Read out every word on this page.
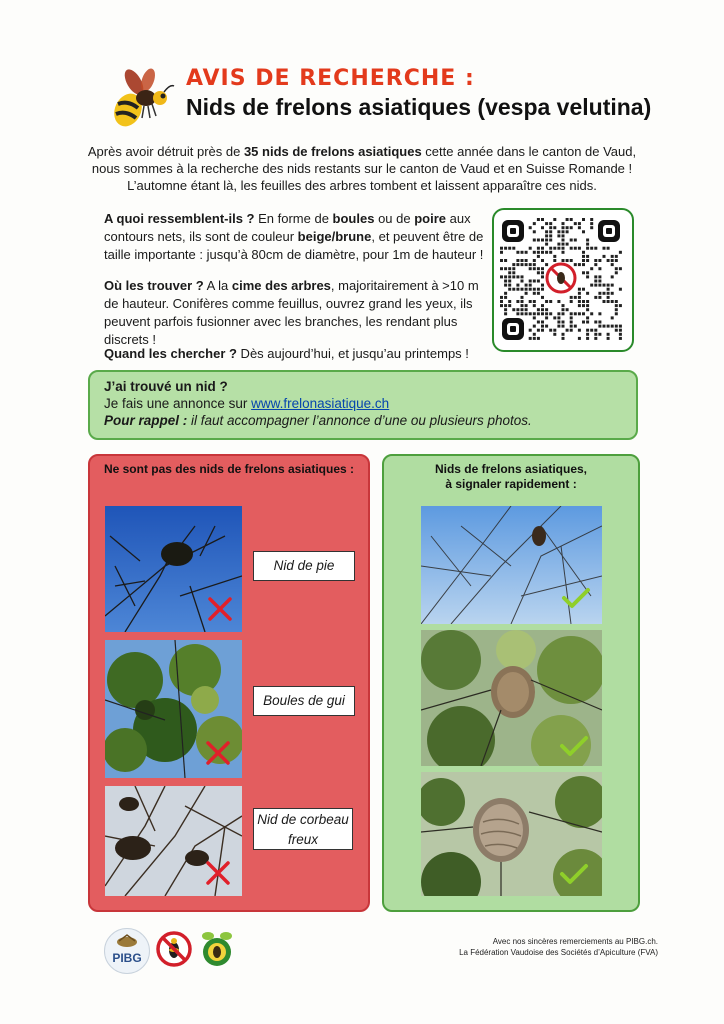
AVIS DE RECHERCHE :
Nids de frelons asiatiques (vespa velutina)
Après avoir détruit près de 35 nids de frelons asiatiques cette année dans le canton de Vaud,
nous sommes à la recherche des nids restants sur le canton de Vaud et en Suisse Romande !
L’automne étant là, les feuilles des arbres tombent et laissent apparaître ces nids.
A quoi ressemblent-ils ? En forme de boules ou de poire aux contours nets, ils sont de couleur beige/brune, et peuvent être de taille importante : jusqu’à 80cm de diamètre, pour 1m de hauteur !
Où les trouver ? A la cime des arbres, majoritairement à >10 m de hauteur. Conifères comme feuillus, ouvrez grand les yeux, ils peuvent parfois fusionner avec les branches, les rendant plus discrets !
Quand les chercher ? Dès aujourd’hui, et jusqu’au printemps !
J’ai trouvé un nid ?
Je fais une annonce sur www.frelonasiatique.ch
Pour rappel : il faut accompagner l’annonce d’une ou plusieurs photos.
Ne sont pas des nids de frelons asiatiques :
Nid de pie
Boules de gui
Nid de corbeau freux
Nids de frelons asiatiques,
à signaler rapidement :
PIBG
Avec nos sincères remerciements au PIBG.ch.
La Fédération Vaudoise des Sociétés d’Apiculture (FVA)
